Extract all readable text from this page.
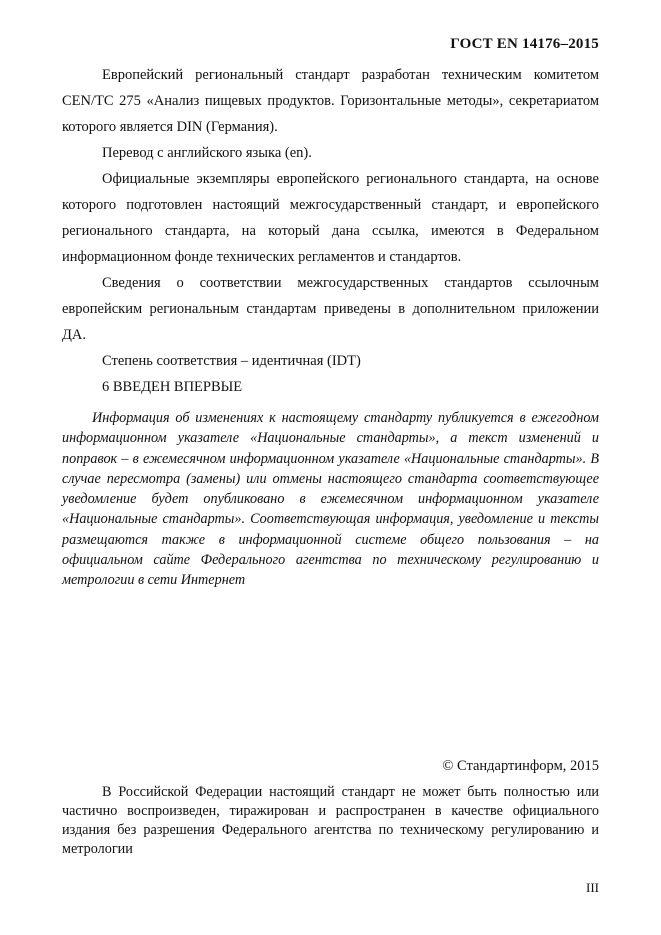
ГОСТ EN 14176–2015

Европейский региональный стандарт разработан техническим комитетом CEN/TC 275 «Анализ пищевых продуктов. Горизонтальные методы», секретариатом которого является DIN (Германия).

Перевод с английского языка (en).

Официальные экземпляры европейского регионального стандарта, на основе которого подготовлен настоящий межгосударственный стандарт, и европейского регионального стандарта, на который дана ссылка, имеются в Федеральном информационном фонде технических регламентов и стандартов.

Сведения о соответствии межгосударственных стандартов ссылочным европейским региональным стандартам приведены в дополнительном приложении ДА.

Степень соответствия – идентичная (IDT)

6 ВВЕДЕН ВПЕРВЫЕ

Информация об изменениях к настоящему стандарту публикуется в ежегодном информационном указателе «Национальные стандарты», а текст изменений и поправок – в ежемесячном информационном указателе «Национальные стандарты». В случае пересмотра (замены) или отмены настоящего стандарта соответствующее уведомление будет опубликовано в ежемесячном информационном указателе «Национальные стандарты». Соответствующая информация, уведомление и тексты размещаются также в информационной системе общего пользования – на официальном сайте Федерального агентства по техническому регулированию и метрологии в сети Интернет

© Стандартинформ, 2015

В Российской Федерации настоящий стандарт не может быть полностью или частично воспроизведен, тиражирован и распространен в качестве официального издания без разрешения Федерального агентства по техническому регулированию и метрологии

III
